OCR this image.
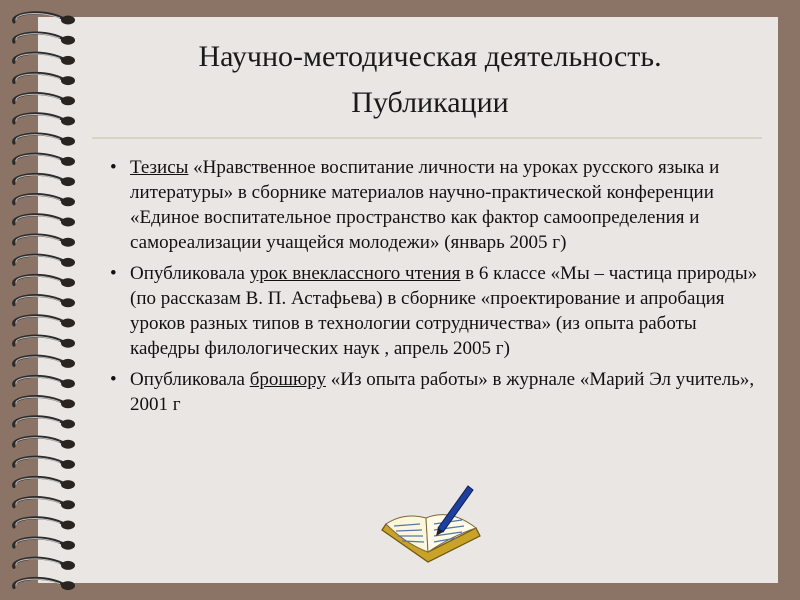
Научно-методическая деятельность.
Публикации
• Тезисы «Нравственное воспитание личности на уроках русского языка и литературы» в сборнике материалов научно-практической конференции «Единое воспитательное пространство как фактор самоопределения и самореализации учащейся молодежи» (январь 2005 г)
• Опубликовала урок внеклассного чтения в 6 классе «Мы – частица природы» (по рассказам В. П. Астафьева) в сборнике «проектирование и апробация уроков разных типов в технологии сотрудничества» (из опыта работы кафедры филологических наук , апрель 2005 г)
• Опубликовала брошюру «Из опыта работы» в журнале «Марий Эл учитель», 2001 г
